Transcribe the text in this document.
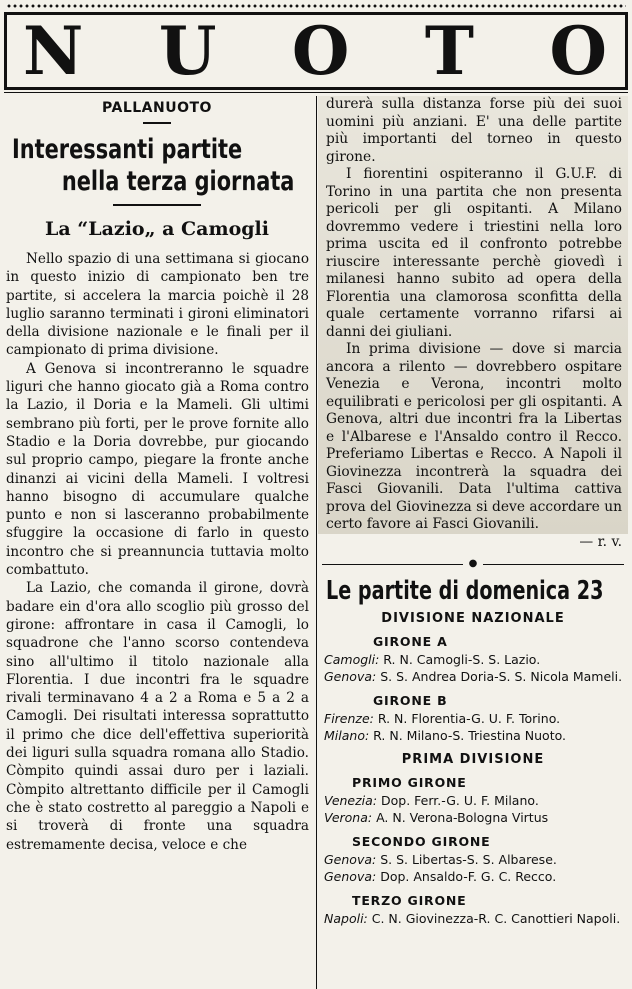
N U O T O
PALLANUOTO
Interessanti partite
nella terza giornata
La “Lazio„ a Camogli

Nello spazio di una settimana si giocano in questo inizio di campionato ben tre partite, si accelera la marcia poichè il 28 luglio saranno terminati i gironi eliminatori della divisione nazionale e le finali per il campionato di prima divisione.

A Genova si incontreranno le squadre liguri che hanno giocato già a Roma contro la Lazio, il Doria e la Mameli. Gli ultimi sembrano più forti, per le prove fornite allo Stadio e la Doria dovrebbe, pur giocando sul proprio campo, piegare la fronte anche dinanzi ai vicini della Mameli. I voltresi hanno bisogno di accumulare qualche punto e non si lasceranno probabilmente sfuggire la occasione di farlo in questo incontro che si preannuncia tuttavia molto combattuto.

La Lazio, che comanda il girone, dovrà badare ein d'ora allo scoglio più grosso del girone: affrontare in casa il Camogli, lo squadrone che l'anno scorso contendeva sino all'ultimo il titolo nazionale alla Florentia. I due incontri fra le squadre rivali terminavano 4 a 2 a Roma e 5 a 2 a Camogli. Dei risultati interessa soprattutto il primo che dice dell'effettiva superiorità dei liguri sulla squadra romana allo Stadio. Còmpito quindi assai duro per i laziali. Còmpito altrettanto difficile per il Camogli che è stato costretto al pareggio a Napoli e si troverà di fronte una squadra estremamente decisa, veloce e che

durerà sulla distanza forse più dei suoi uomini più anziani. E' una delle partite più importanti del torneo in questo girone.

I fiorentini ospiteranno il G.U.F. di Torino in una partita che non presenta pericoli per gli ospitanti. A Milano dovremmo vedere i triestini nella loro prima uscita ed il confronto potrebbe riuscire interessante perchè giovedì i milanesi hanno subito ad opera della Florentia una clamorosa sconfitta della quale certamente vorranno rifarsi ai danni dei giuliani.

In prima divisione — dove si marcia ancora a rilento — dovrebbero ospitare Venezia e Verona, incontri molto equilibrati e pericolosi per gli ospitanti. A Genova, altri due incontri fra la Libertas e l'Albarese e l'Ansaldo contro il Recco. Preferiamo Libertas e Recco. A Napoli il Giovinezza incontrerà la squadra dei Fasci Giovanili. Data l'ultima cattiva prova del Giovinezza si deve accordare un certo favore ai Fasci Giovanili.

— r. v.
●
Le partite di domenica 23
DIVISIONE NAZIONALE
GIRONE A
Camogli: R. N. Camogli-S. S. Lazio.
Genova: S. S. Andrea Doria-S. S. Nicola Mameli.
GIRONE B
Firenze: R. N. Florentia-G. U. F. Torino.
Milano: R. N. Milano-S. Triestina Nuoto.
PRIMA DIVISIONE
PRIMO GIRONE
Venezia: Dop. Ferr.-G. U. F. Milano.
Verona: A. N. Verona-Bologna Virtus
SECONDO GIRONE
Genova: S. S. Libertas-S. S. Albarese.
Genova: Dop. Ansaldo-F. G. C. Recco.
TERZO GIRONE
Napoli: C. N. Giovinezza-R. C. Canottieri Napoli.
